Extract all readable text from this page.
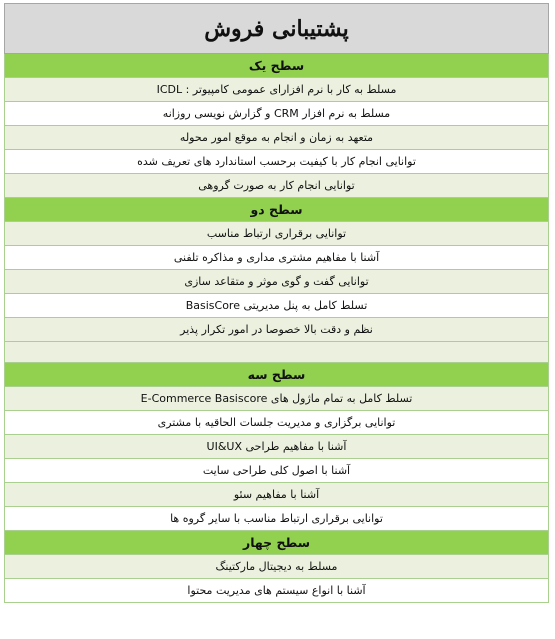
پشتیبانی فروش
سطح یک
مسلط به کار با نرم افزارای عمومی کامپیوتر : ICDL
مسلط به نرم افزار CRM و گزارش نویسی روزانه
متعهد به زمان و انجام به موقع امور محوله
توانایی انجام کار با کیفیت برحسب استاندارد های تعریف شده
توانایی انجام کار به صورت گروهی
سطح دو
توانایی برقراری ارتباط مناسب
آشنا با مفاهیم مشتری مداری و مذاکره تلفنی
توانایی گفت و گوی موثر و متقاعد سازی
تسلط کامل به پنل مدیریتی BasisCore
نظم و دقت بالا خصوصا در امور تکرار پذیر

سطح سه
تسلط کامل به تمام ماژول های E-Commerce Basiscore
توانایی برگزاری و مدیریت جلسات الحاقیه با مشتری
آشنا با مفاهیم طراحی UI&UX
آشنا با اصول کلی طراحی سایت
آشنا با مفاهیم سئو
توانایی برقراری ارتباط مناسب با سایر گروه ها
سطح چهار
مسلط به دیجیتال مارکتینگ
آشنا با انواع سیستم های مدیریت محتوا
